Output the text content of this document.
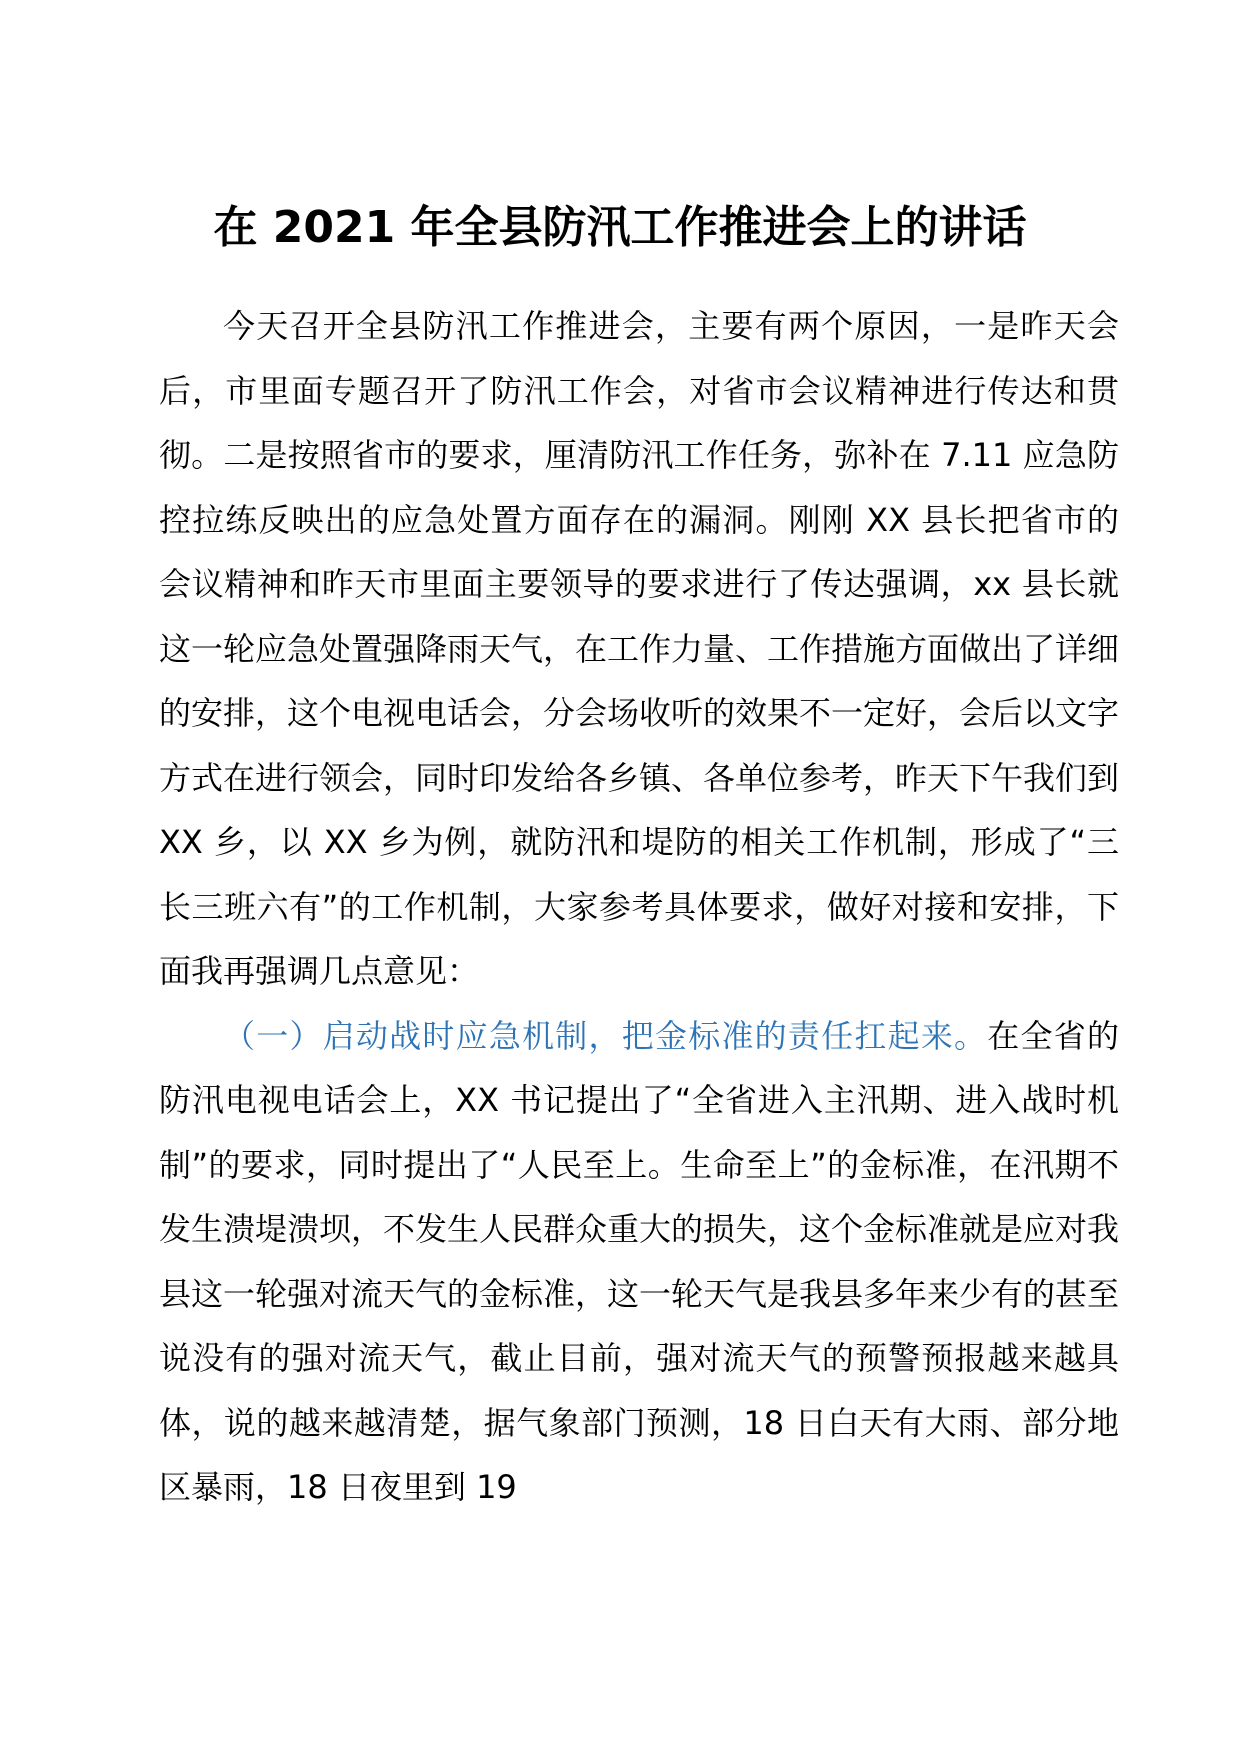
在 2021 年全县防汛工作推进会上的讲话

今天召开全县防汛工作推进会，主要有两个原因，一是昨天会后，市里面专题召开了防汛工作会，对省市会议精神进行传达和贯彻。二是按照省市的要求，厘清防汛工作任务，弥补在 7.11 应急防控拉练反映出的应急处置方面存在的漏洞。刚刚 XX 县长把省市的会议精神和昨天市里面主要领导的要求进行了传达强调，xx 县长就这一轮应急处置强降雨天气，在工作力量、工作措施方面做出了详细的安排，这个电视电话会，分会场收听的效果不一定好，会后以文字方式在进行领会，同时印发给各乡镇、各单位参考，昨天下午我们到 XX 乡，以 XX 乡为例，就防汛和堤防的相关工作机制，形成了“三长三班六有”的工作机制，大家参考具体要求，做好对接和安排，下面我再强调几点意见：

（一）启动战时应急机制，把金标准的责任扛起来。在全省的防汛电视电话会上，XX 书记提出了“全省进入主汛期、进入战时机制”的要求，同时提出了“人民至上。生命至上”的金标准，在汛期不发生溃堤溃坝，不发生人民群众重大的损失，这个金标准就是应对我县这一轮强对流天气的金标准，这一轮天气是我县多年来少有的甚至说没有的强对流天气，截止目前，强对流天气的预警预报越来越具体，说的越来越清楚，据气象部门预测，18 日白天有大雨、部分地区暴雨，18 日夜里到 19
